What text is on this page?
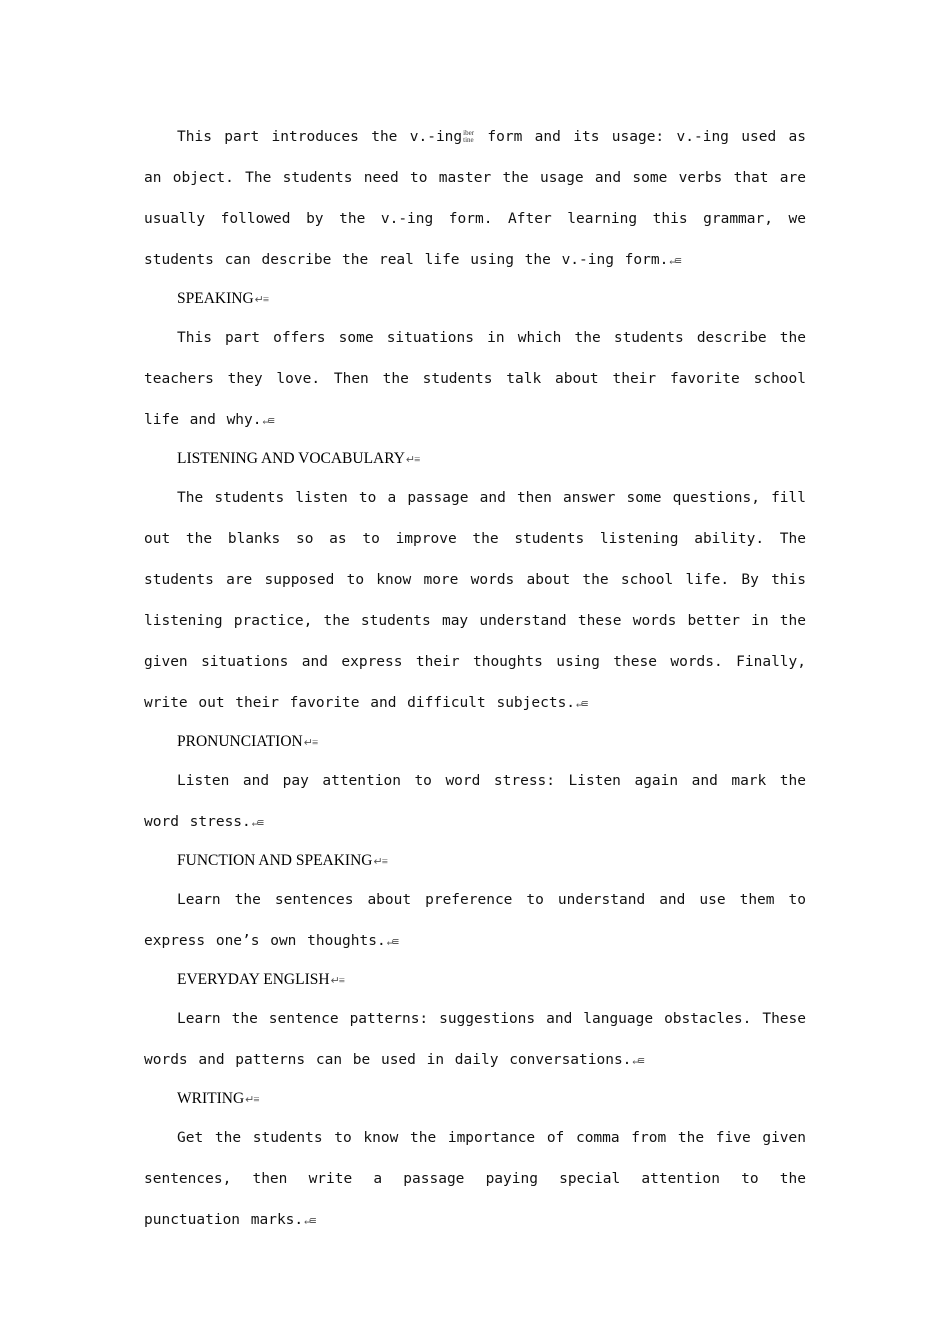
This part introduces the v.-ing iber
tine form and its usage: v.-ing used as an object. The students need to master the usage and some verbs that are usually followed by the v.-ing form. After learning this grammar, we students can describe the real life using the v.-ing form.↵≡

SPEAKING↵≡

This part offers some situations in which the students describe the teachers they love. Then the students talk about their favorite school life and why.↵≡

LISTENING AND VOCABULARY↵≡

The students listen to a passage and then answer some questions, fill out the blanks so as to improve the students listening ability. The students are supposed to know more words about the school life. By this listening practice, the students may understand these words better in the given situations and express their thoughts using these words. Finally, write out their favorite and difficult subjects.↵≡

PRONUNCIATION↵≡

Listen and pay attention to word stress: Listen again and mark the word stress.↵≡

FUNCTION AND SPEAKING↵≡

Learn the sentences about preference to understand and use them to express one’s own thoughts.↵≡

EVERYDAY ENGLISH↵≡

Learn the sentence patterns: suggestions and language obstacles. These words and patterns can be used in daily conversations.↵≡

WRITING↵≡

Get the students to know the importance of comma from the five given sentences, then write a passage paying special attention to the punctuation marks.↵≡
